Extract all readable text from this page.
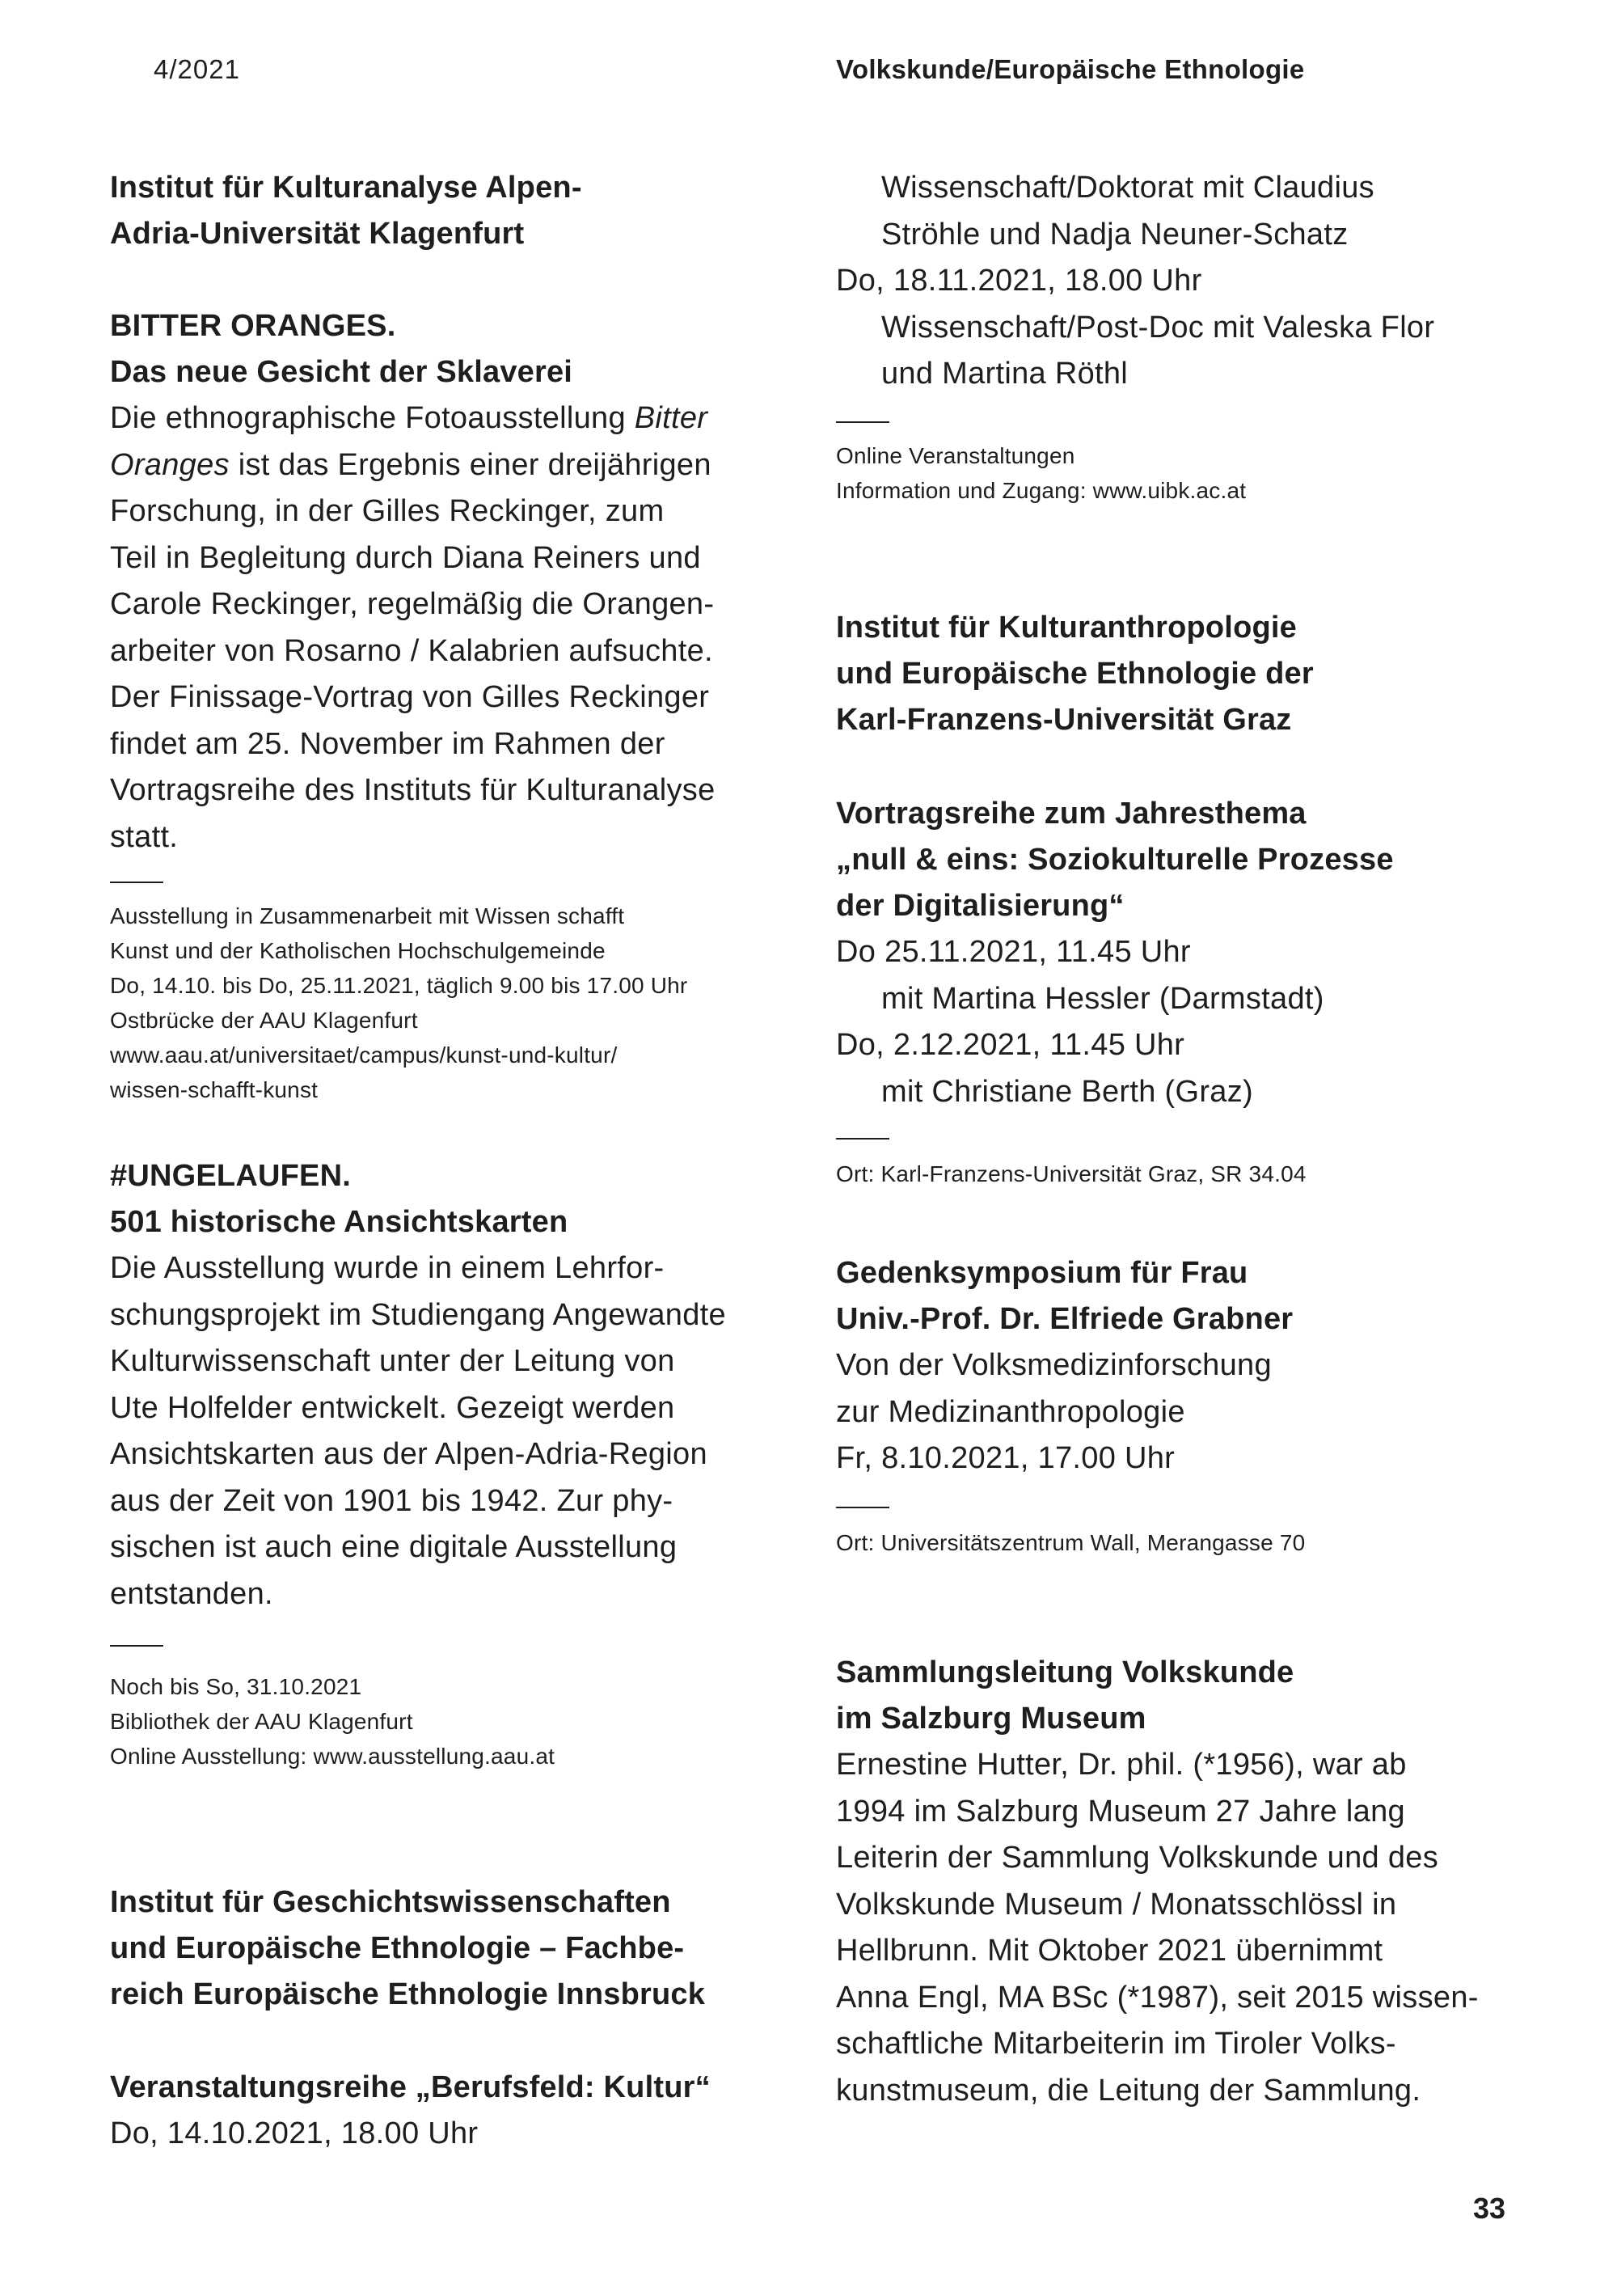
4/2021	Volkskunde/Europäische Ethnologie

Institut für Kulturanalyse Alpen-
Adria-Universität Klagenfurt

BITTER ORANGES.
Das neue Gesicht der Sklaverei

Die ethnographische Fotoausstellung Bitter
Oranges ist das Ergebnis einer dreijährigen
Forschung, in der Gilles Reckinger, zum
Teil in Begleitung durch Diana Reiners und
Carole Reckinger, regelmäßig die Orangen-
arbeiter von Rosarno / Kalabrien aufsuchte.
Der Finissage-Vortrag von Gilles Reckinger
findet am 25. November im Rahmen der
Vortragsreihe des Instituts für Kulturanalyse
statt.

Ausstellung in Zusammenarbeit mit Wissen schafft
Kunst und der Katholischen Hochschulgemeinde
Do, 14.10. bis Do, 25.11.2021, täglich 9.00 bis 17.00 Uhr
Ostbrücke der AAU Klagenfurt
www.aau.at/universitaet/campus/kunst-und-kultur/
wissen-schafft-kunst

#UNGELAUFEN.
501 historische Ansichtskarten

Die Ausstellung wurde in einem Lehrfor-
schungsprojekt im Studiengang Angewandte
Kulturwissenschaft unter der Leitung von
Ute Holfelder entwickelt. Gezeigt werden
Ansichtskarten aus der Alpen-Adria-Region
aus der Zeit von 1901 bis 1942. Zur phy-
sischen ist auch eine digitale Ausstellung
entstanden.

Noch bis So, 31.10.2021
Bibliothek der AAU Klagenfurt
Online Ausstellung: www.ausstellung.aau.at

Institut für Geschichtswissenschaften
und Europäische Ethnologie – Fachbe-
reich Europäische Ethnologie Innsbruck

Veranstaltungsreihe „Berufsfeld: Kultur“

Do, 14.10.2021, 18.00 Uhr

Wissenschaft/Doktorat mit Claudius
Ströhle und Nadja Neuner-Schatz
Do, 18.11.2021, 18.00 Uhr
Wissenschaft/Post-Doc mit Valeska Flor
und Martina Röthl

Online Veranstaltungen
Information und Zugang: www.uibk.ac.at

Institut für Kulturanthropologie
und Europäische Ethnologie der
Karl-Franzens-Universität Graz

Vortragsreihe zum Jahresthema
„null & eins: Soziokulturelle Prozesse
der Digitalisierung“

Do 25.11.2021, 11.45 Uhr
mit Martina Hessler (Darmstadt)
Do, 2.12.2021, 11.45 Uhr
mit Christiane Berth (Graz)

Ort: Karl-Franzens-Universität Graz, SR 34.04

Gedenksymposium für Frau
Univ.-Prof. Dr. Elfriede Grabner

Von der Volksmedizinforschung
zur Medizinanthropologie
Fr, 8.10.2021, 17.00 Uhr

Ort: Universitätszentrum Wall, Merangasse 70

Sammlungsleitung Volkskunde
im Salzburg Museum

Ernestine Hutter, Dr. phil. (*1956), war ab
1994 im Salzburg Museum 27 Jahre lang
Leiterin der Sammlung Volkskunde und des
Volkskunde Museum / Monatsschlössl in
Hellbrunn. Mit Oktober 2021 übernimmt
Anna Engl, MA BSc (*1987), seit 2015 wissen-
schaftliche Mitarbeiterin im Tiroler Volks-
kunstmuseum, die Leitung der Sammlung.

33
